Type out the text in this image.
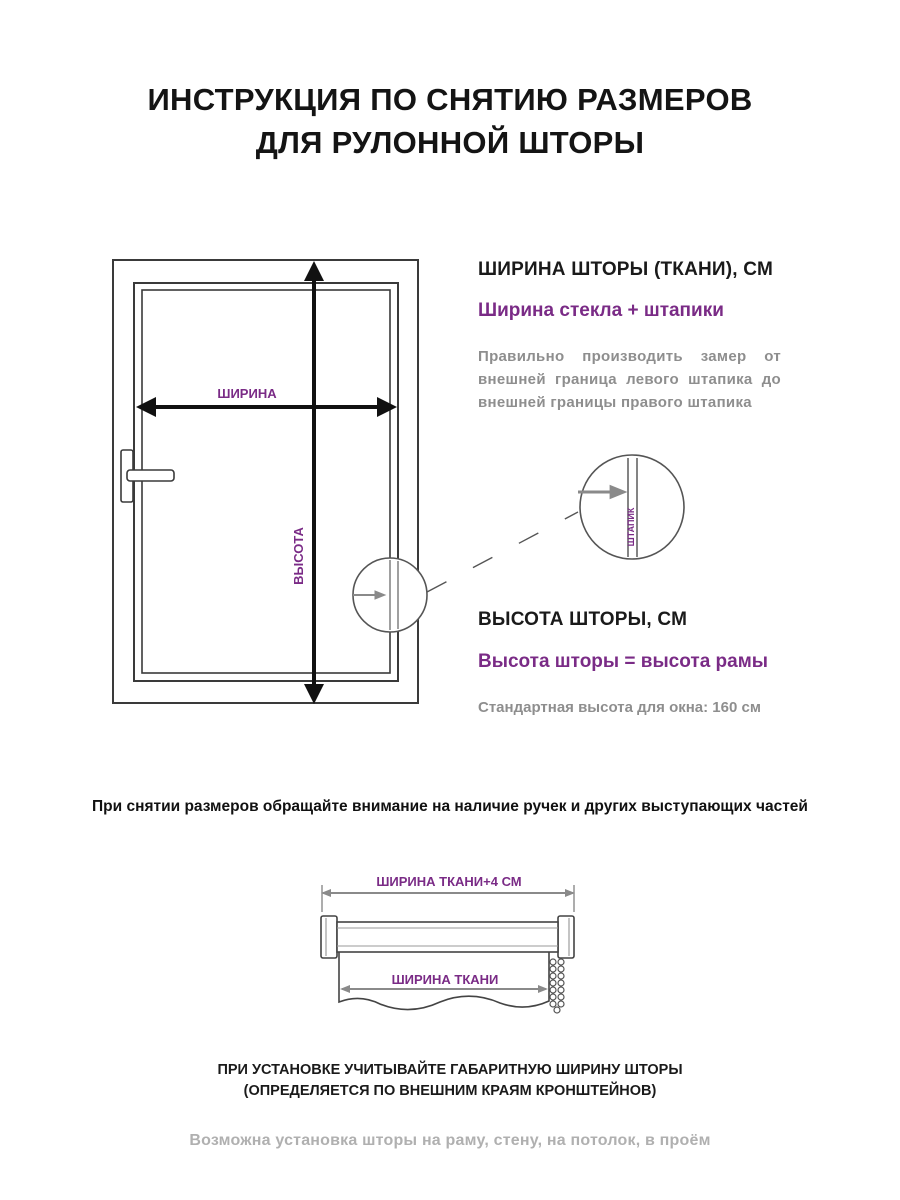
ИНСТРУКЦИЯ ПО СНЯТИЮ РАЗМЕРОВ
ДЛЯ РУЛОННОЙ ШТОРЫ
ШИРИНА
ВЫСОТА
ШТАПИК
ШИРИНА ШТОРЫ (ТКАНИ), СМ
Ширина стекла + штапики
Правильно производить замер от внешней граница левого штапика до внешней границы правого штапика
ВЫСОТА ШТОРЫ, СМ
Высота шторы = высота рамы
Стандартная высота для окна: 160 см
При снятии размеров обращайте внимание на наличие ручек и других выступающих частей
ШИРИНА ТКАНИ+4 СМ
ШИРИНА ТКАНИ
ПРИ УСТАНОВКЕ УЧИТЫВАЙТЕ ГАБАРИТНУЮ ШИРИНУ ШТОРЫ
(ОПРЕДЕЛЯЕТСЯ ПО ВНЕШНИМ КРАЯМ КРОНШТЕЙНОВ)
Возможна установка шторы на раму, стену, на потолок, в проём
